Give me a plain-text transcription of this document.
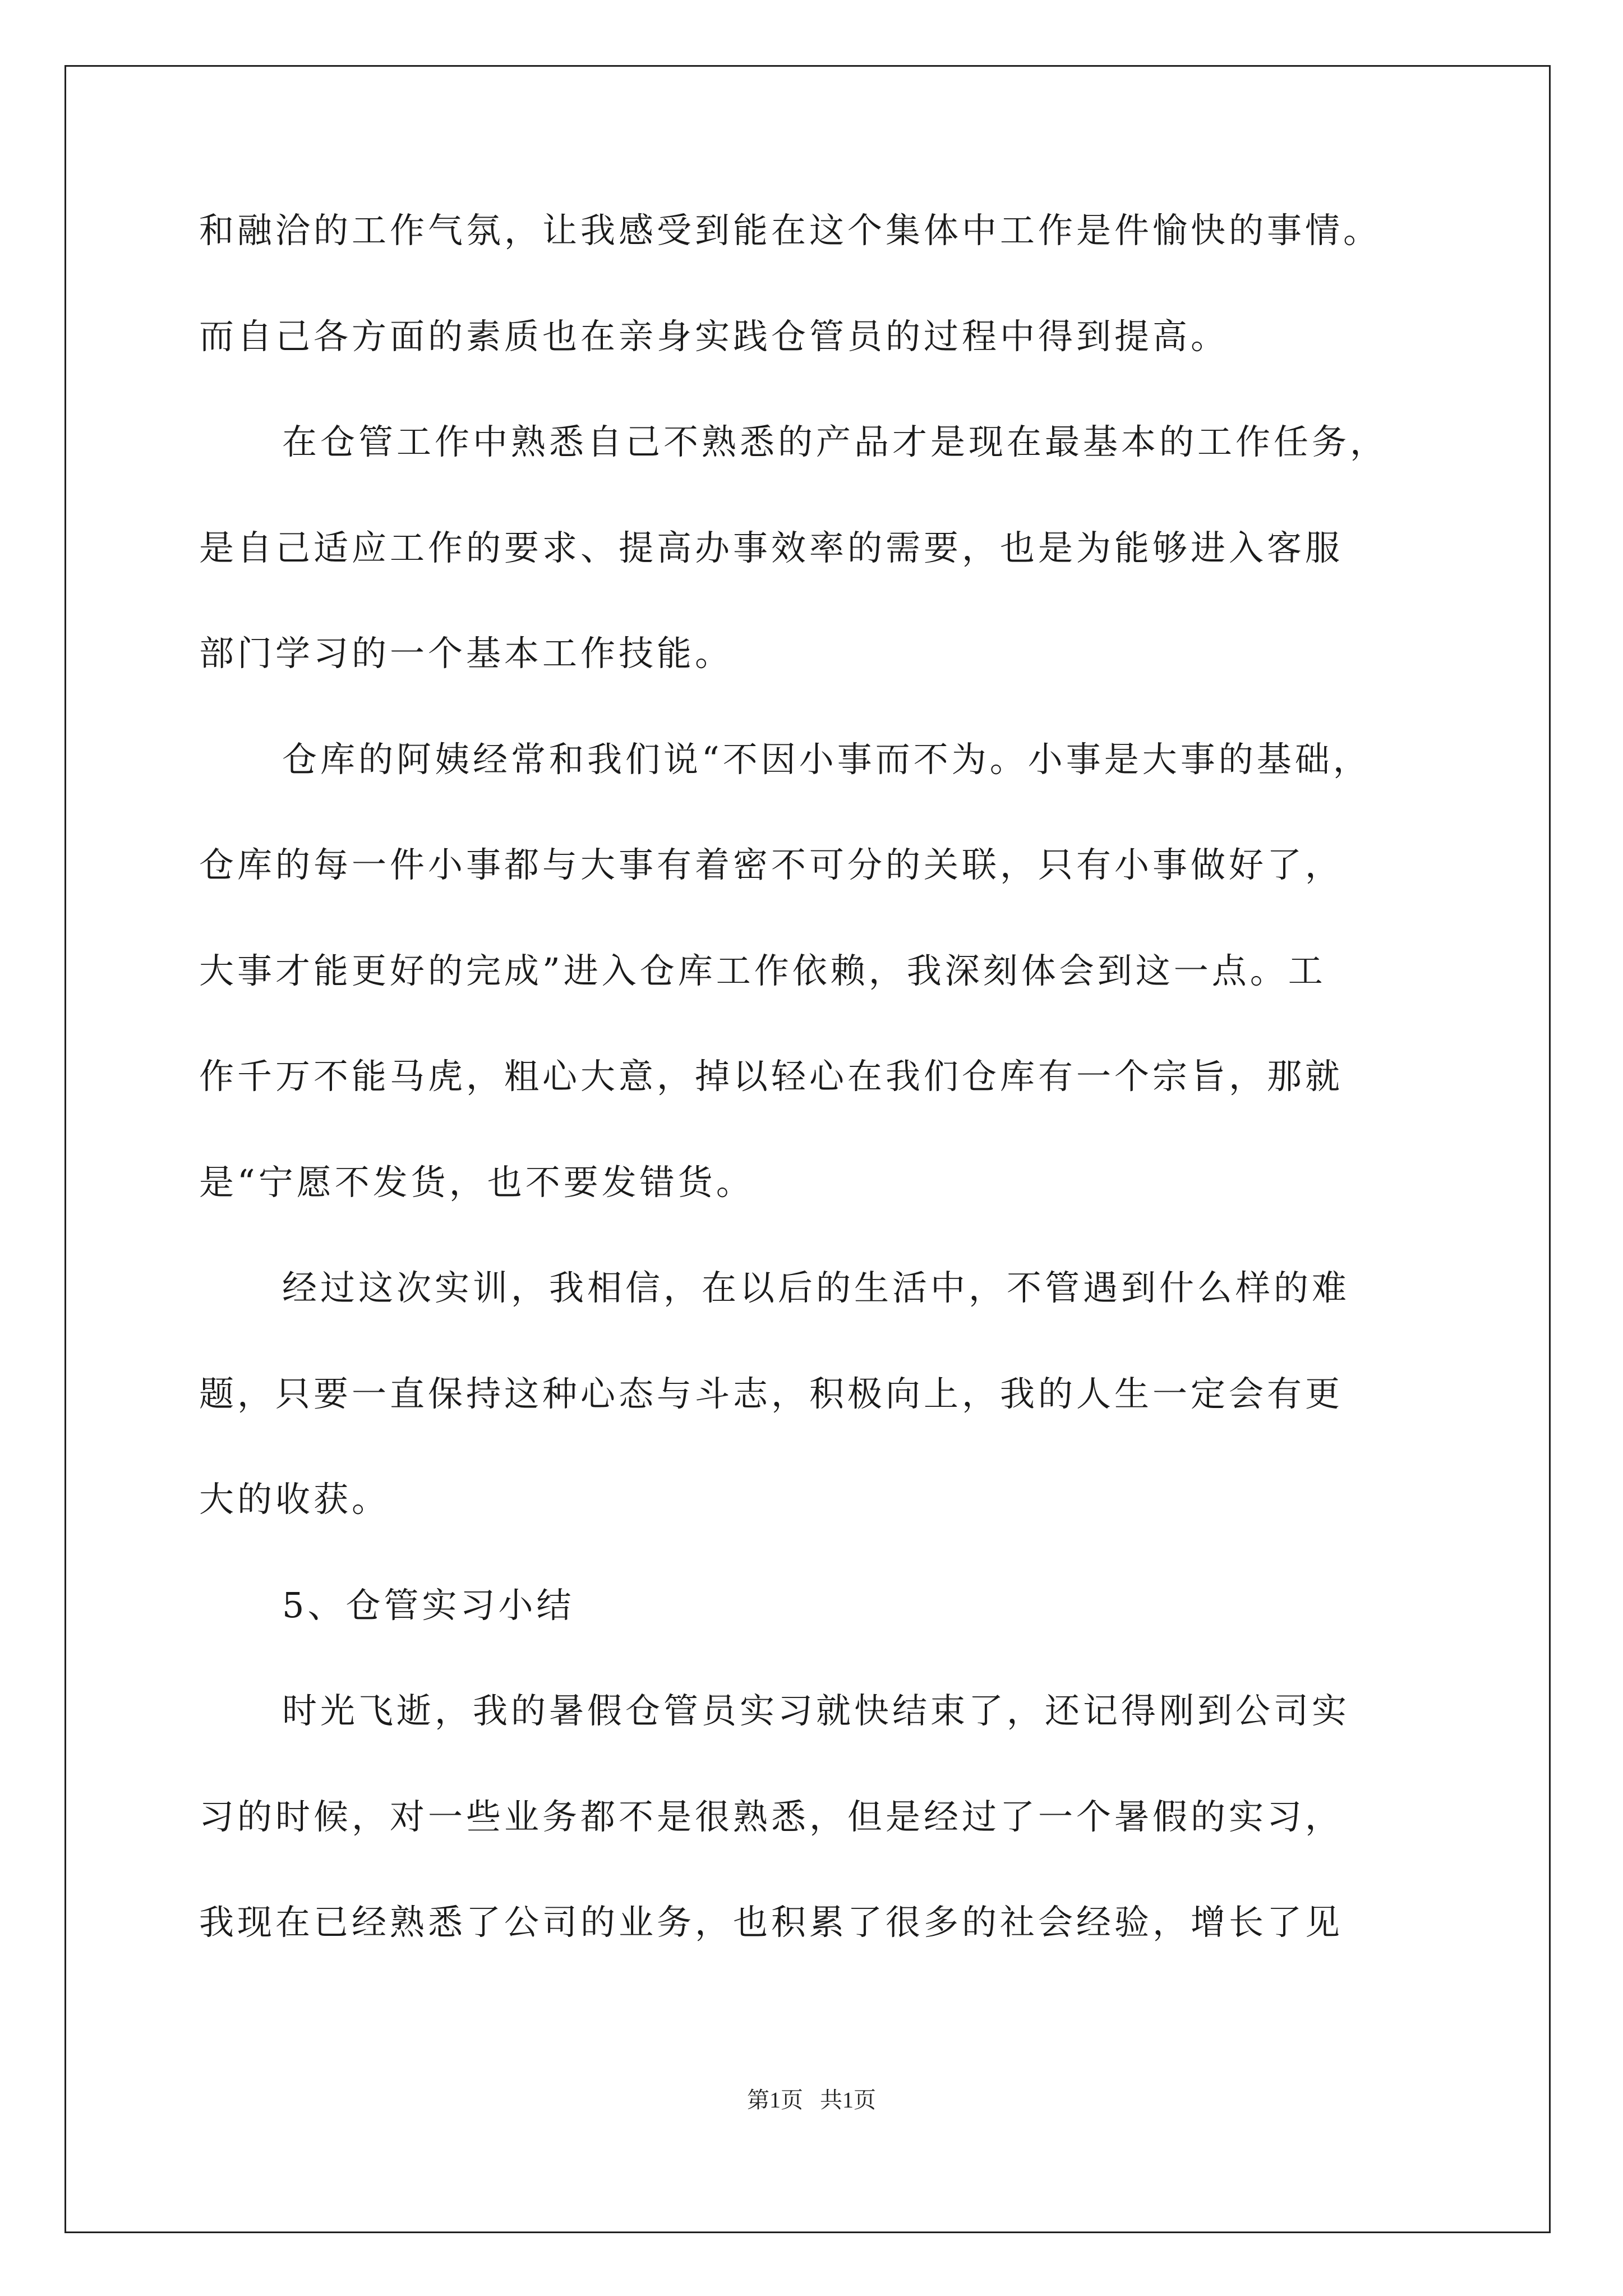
和融洽的工作气氛，让我感受到能在这个集体中工作是件愉快的事情。
而自己各方面的素质也在亲身实践仓管员的过程中得到提高。
在仓管工作中熟悉自己不熟悉的产品才是现在最基本的工作任务，
是自己适应工作的要求、提高办事效率的需要，也是为能够进入客服
部门学习的一个基本工作技能。
仓库的阿姨经常和我们说“不因小事而不为。小事是大事的基础，
仓库的每一件小事都与大事有着密不可分的关联，只有小事做好了，
大事才能更好的完成”进入仓库工作依赖，我深刻体会到这一点。工
作千万不能马虎，粗心大意，掉以轻心在我们仓库有一个宗旨，那就
是“宁愿不发货，也不要发错货。
经过这次实训，我相信，在以后的生活中，不管遇到什么样的难
题，只要一直保持这种心态与斗志，积极向上，我的人生一定会有更
大的收获。
5、仓管实习小结
时光飞逝，我的暑假仓管员实习就快结束了，还记得刚到公司实
习的时候，对一些业务都不是很熟悉，但是经过了一个暑假的实习，
我现在已经熟悉了公司的业务，也积累了很多的社会经验，增长了见
第1页   共1页
